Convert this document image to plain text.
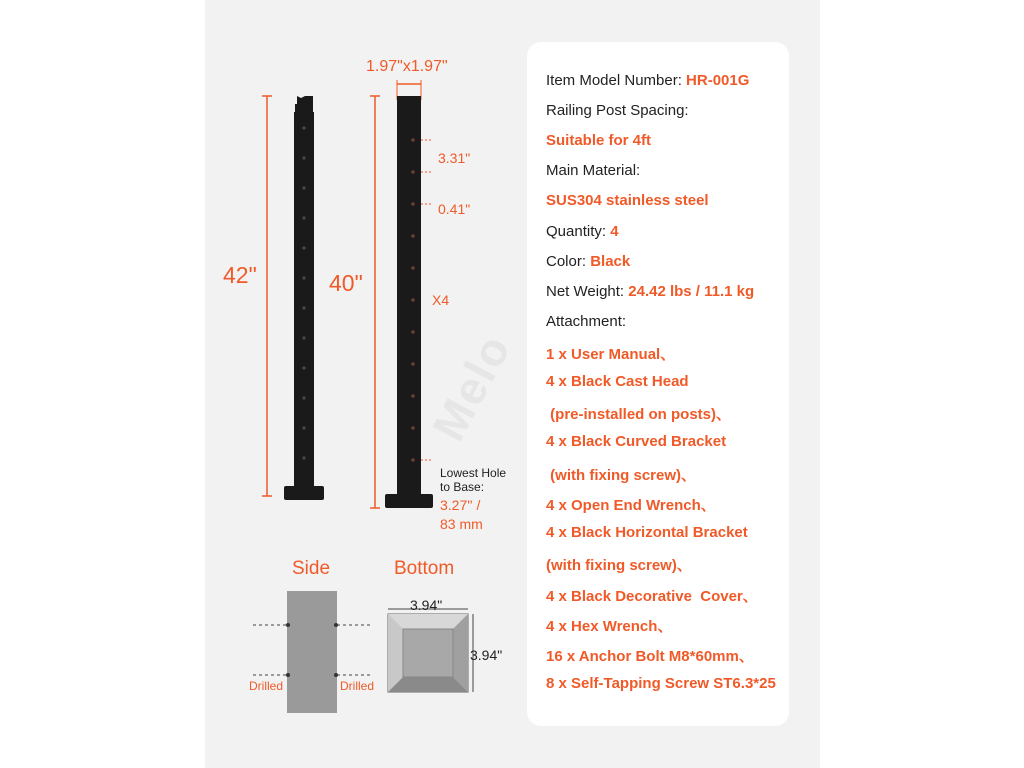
Melo
42"	40"
1.97"x1.97"
3.31"
0.41"
X4
Lowest Hole
to Base:
3.27'' /
83 mm
Side	Bottom
Drilled	Drilled
3.94"
3.94"
Item Model Number: HR-001G
Railing Post Spacing:
Suitable for 4ft
Main Material:
SUS304 stainless steel
Quantity: 4
Color: Black
Net Weight: 24.42 lbs / 11.1 kg
Attachment:
1 x User Manual、
4 x Black Cast Head
(pre-installed on posts)、
4 x Black Curved Bracket
(with fixing screw)、
4 x Open End Wrench、
4 x Black Horizontal Bracket
(with fixing screw)、
4 x Black Decorative  Cover、
4 x Hex Wrench、
16 x Anchor Bolt M8*60mm、
8 x Self-Tapping Screw ST6.3*25
